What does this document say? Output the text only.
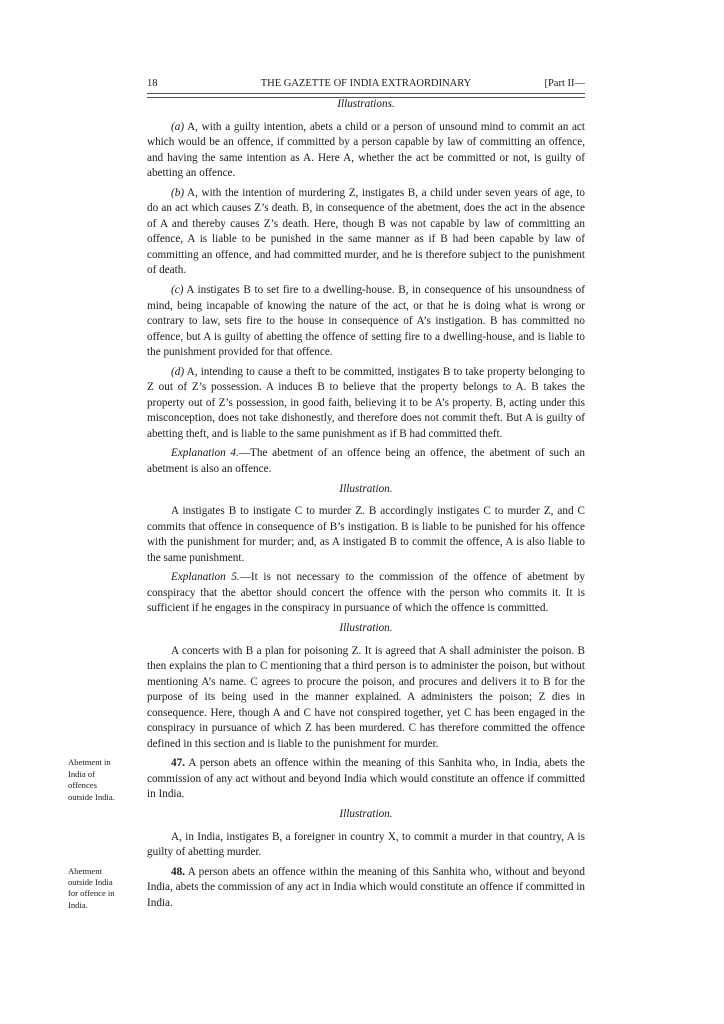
18	THE GAZETTE OF INDIA EXTRAORDINARY	[Part II—

Illustrations.

(a) A, with a guilty intention, abets a child or a person of unsound mind to commit an act which would be an offence, if committed by a person capable by law of committing an offence, and having the same intention as A. Here A, whether the act be committed or not, is guilty of abetting an offence.

(b) A, with the intention of murdering Z, instigates B, a child under seven years of age, to do an act which causes Z’s death. B, in consequence of the abetment, does the act in the absence of A and thereby causes Z’s death. Here, though B was not capable by law of committing an offence, A is liable to be punished in the same manner as if B had been capable by law of committing an offence, and had committed murder, and he is therefore subject to the punishment of death.

(c) A instigates B to set fire to a dwelling-house. B, in consequence of his unsoundness of mind, being incapable of knowing the nature of the act, or that he is doing what is wrong or contrary to law, sets fire to the house in consequence of A’s instigation. B has committed no offence, but A is guilty of abetting the offence of setting fire to a dwelling-house, and is liable to the punishment provided for that offence.

(d) A, intending to cause a theft to be committed, instigates B to take property belonging to Z out of Z’s possession. A induces B to believe that the property belongs to A. B takes the property out of Z’s possession, in good faith, believing it to be A’s property. B, acting under this misconception, does not take dishonestly, and therefore does not commit theft. But A is guilty of abetting theft, and is liable to the same punishment as if B had committed theft.

Explanation 4.—The abetment of an offence being an offence, the abetment of such an abetment is also an offence.

Illustration.

A instigates B to instigate C to murder Z. B accordingly instigates C to murder Z, and C commits that offence in consequence of B’s instigation. B is liable to be punished for his offence with the punishment for murder; and, as A instigated B to commit the offence, A is also liable to the same punishment.

Explanation 5.—It is not necessary to the commission of the offence of abetment by conspiracy that the abettor should concert the offence with the person who commits it. It is sufficient if he engages in the conspiracy in pursuance of which the offence is committed.

Illustration.

A concerts with B a plan for poisoning Z. It is agreed that A shall administer the poison. B then explains the plan to C mentioning that a third person is to administer the poison, but without mentioning A’s name. C agrees to procure the poison, and procures and delivers it to B for the purpose of its being used in the manner explained. A administers the poison; Z dies in consequence. Here, though A and C have not conspired together, yet C has been engaged in the conspiracy in pursuance of which Z has been murdered. C has therefore committed the offence defined in this section and is liable to the punishment for murder.

47. A person abets an offence within the meaning of this Sanhita who, in India, abets the commission of any act without and beyond India which would constitute an offence if committed in India.

Illustration.

A, in India, instigates B, a foreigner in country X, to commit a murder in that country, A is guilty of abetting murder.

48. A person abets an offence within the meaning of this Sanhita who, without and beyond India, abets the commission of any act in India which would constitute an offence if committed in India.

Abetment in
India of
offences
outside India.
Abetment
outside India
for offence in
India.
